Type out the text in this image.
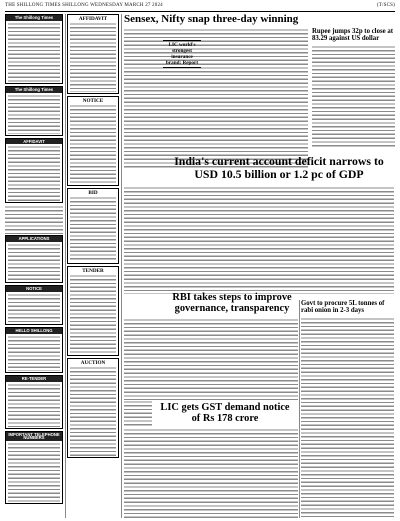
THE SHILLONG TIMES SHILLONG WEDNESDAY MARCH 27 2024	(T/SCS)
The Shillong Times
The Shillong Times
AFFIDAVIT
APPLICATIONS
NOTICE
HELLO SHILLONG
RE-TENDER
IMPORTANT TELEPHONE NUMBERS
AFFIDAVIT
NOTICE
BID
TENDER
AUCTION
Sensex, Nifty snap three-day winning
Rupee jumps 32p to close at 83.29 against US dollar
LIC world's strongest insurance brand: Report
India's current account deficit narrows to USD 10.5 billion or 1.2 pc of GDP
RBI takes steps to improve governance, transparency	Govt to procure 5L tonnes of rabi onion in 2-3 days
LIC gets GST demand notice of Rs 178 crore
